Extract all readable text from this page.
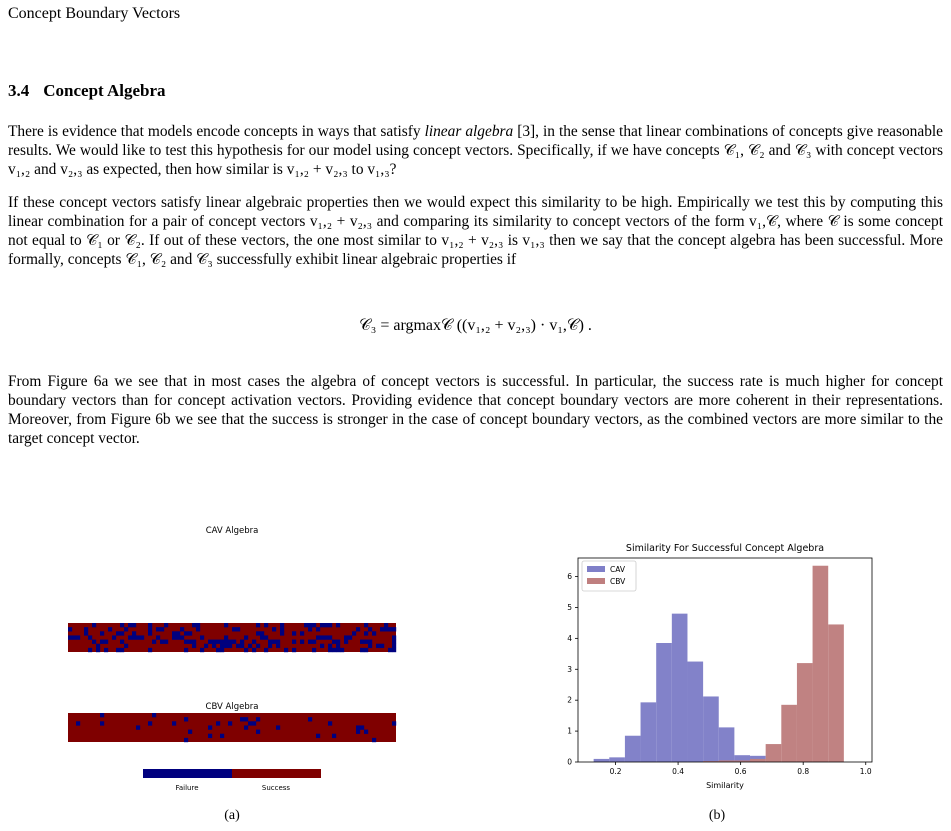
Concept Boundary Vectors
3.4 Concept Algebra

There is evidence that models encode concepts in ways that satisfy linear algebra [3], in the sense that linear combinations of concepts give reasonable results. We would like to test this hypothesis for our model using concept vectors. Specifically, if we have concepts 𝒞₁, 𝒞₂ and 𝒞₃ with concept vectors v₁,₂ and v₂,₃ as expected, then how similar is v₁,₂ + v₂,₃ to v₁,₃?

If these concept vectors satisfy linear algebraic properties then we would expect this similarity to be high. Empirically we test this by computing this linear combination for a pair of concept vectors v₁,₂ + v₂,₃ and comparing its similarity to concept vectors of the form v₁,𝒞, where 𝒞 is some concept not equal to 𝒞₁ or 𝒞₂. If out of these vectors, the one most similar to v₁,₂ + v₂,₃ is v₁,₃ then we say that the concept algebra has been successful. More formally, concepts 𝒞₁, 𝒞₂ and 𝒞₃ successfully exhibit linear algebraic properties if

𝒞₃ = argmax𝒞 ((v₁,₂ + v₂,₃) · v₁,𝒞) .

From Figure 6a we see that in most cases the algebra of concept vectors is successful. In particular, the success rate is much higher for concept boundary vectors than for concept activation vectors. Providing evidence that concept boundary vectors are more coherent in their representations. Moreover, from Figure 6b we see that the success is stronger in the case of concept boundary vectors, as the combined vectors are more similar to the target concept vector.

CAV Algebra
CBV Algebra
Failure	Success
(a)
Similarity For Successful Concept Algebra
0.2	0.4	0.6	0.8	1.0
0
1
2
3
4
5
6
Similarity
CAV
CBV
(b)
